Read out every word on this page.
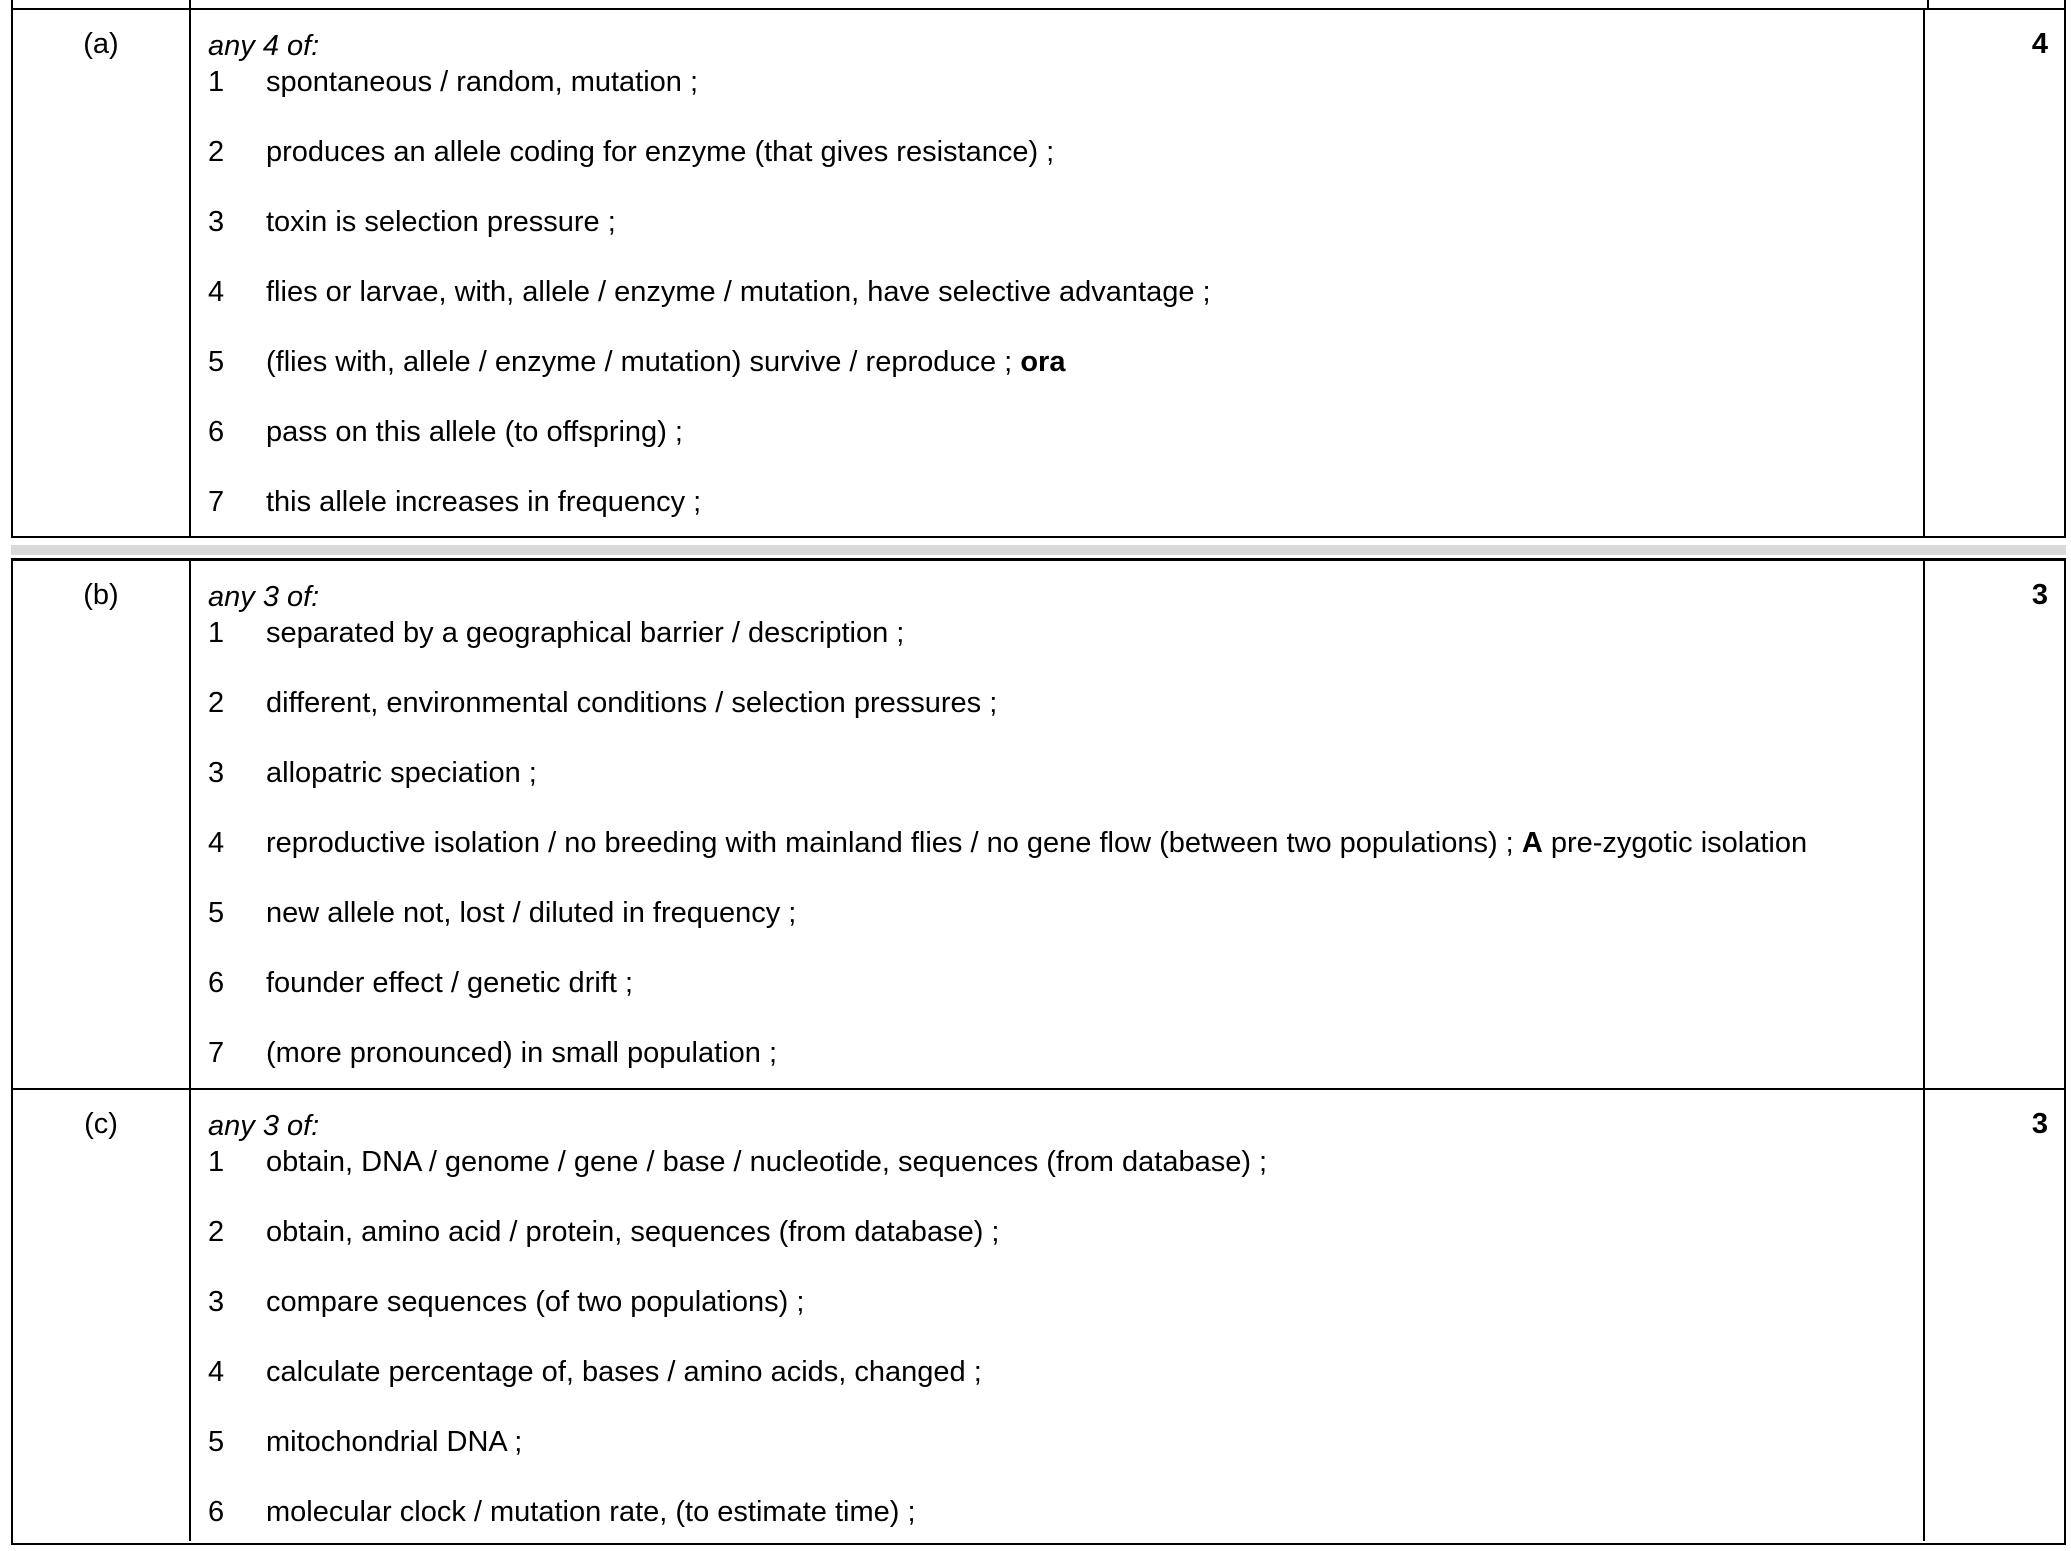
(a)	any 4 of:
1	spontaneous / random, mutation ;
2	produces an allele coding for enzyme (that gives resistance) ;
3	toxin is selection pressure ;
4	flies or larvae, with, allele / enzyme / mutation, have selective advantage ;
5	(flies with, allele / enzyme / mutation) survive / reproduce ; ora
6	pass on this allele (to offspring) ;
7	this allele increases in frequency ;
4
(b)	any 3 of:
1	separated by a geographical barrier / description ;
2	different, environmental conditions / selection pressures ;
3	allopatric speciation ;
4	reproductive isolation / no breeding with mainland flies / no gene flow (between two populations) ; A pre-zygotic isolation
5	new allele not, lost / diluted in frequency ;
6	founder effect / genetic drift ;
7	(more pronounced) in small population ;
3
(c)	any 3 of:
1	obtain, DNA / genome / gene / base / nucleotide, sequences (from database) ;
2	obtain, amino acid / protein, sequences (from database) ;
3	compare sequences (of two populations) ;
4	calculate percentage of, bases / amino acids, changed ;
5	mitochondrial DNA ;
6	molecular clock / mutation rate, (to estimate time) ;
3
